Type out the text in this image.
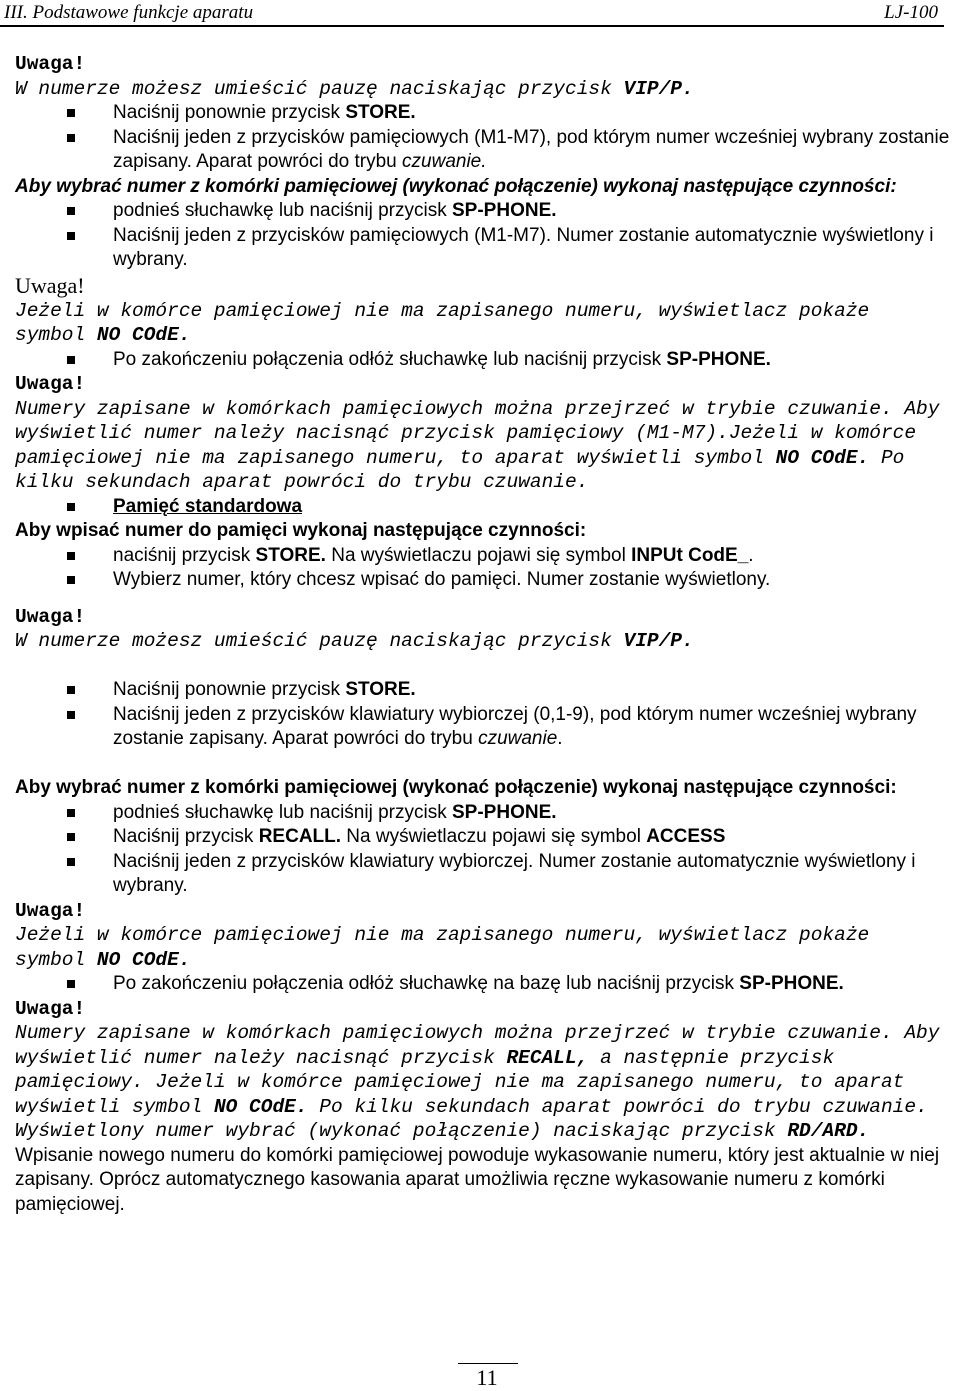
III. Podstawowe funkcje aparatu	LJ-100

Uwaga!

W numerze możesz umieścić pauzę naciskając przycisk VIP/P.

Naciśnij ponownie przycisk STORE.
Naciśnij jeden z przycisków pamięciowych (M1-M7), pod którym numer wcześniej wybrany zostanie zapisany. Aparat powróci do trybu czuwanie.

Aby wybrać numer z komórki pamięciowej (wykonać połączenie) wykonaj następujące czynności:

podnieś słuchawkę lub naciśnij przycisk SP-PHONE.
Naciśnij jeden z przycisków pamięciowych (M1-M7). Numer zostanie automatycznie wyświetlony i wybrany.

Uwaga!

Jeżeli w komórce pamięciowej nie ma zapisanego numeru, wyświetlacz pokaże symbol NO COdE.

Po zakończeniu połączenia odłóż słuchawkę lub naciśnij przycisk SP-PHONE.

Uwaga!

Numery zapisane w komórkach pamięciowych można przejrzeć w trybie czuwanie. Aby wyświetlić numer należy nacisnąć przycisk pamięciowy (M1-M7).Jeżeli w komórce pamięciowej nie ma zapisanego numeru, to aparat wyświetli symbol NO COdE. Po kilku sekundach aparat powróci do trybu czuwanie.

Pamięć standardowa

Aby wpisać numer do pamięci wykonaj następujące czynności:

naciśnij przycisk STORE. Na wyświetlaczu pojawi się symbol INPUt CodE_.
Wybierz numer, który chcesz wpisać do pamięci. Numer zostanie wyświetlony.

Uwaga!

W numerze możesz umieścić pauzę naciskając przycisk VIP/P.

Naciśnij ponownie przycisk STORE.
Naciśnij jeden z przycisków klawiatury wybiorczej (0,1-9), pod którym numer wcześniej wybrany zostanie zapisany. Aparat powróci do trybu czuwanie.

Aby wybrać numer z komórki pamięciowej (wykonać połączenie) wykonaj następujące czynności:

podnieś słuchawkę lub naciśnij przycisk SP-PHONE.
Naciśnij przycisk RECALL. Na wyświetlaczu pojawi się symbol ACCESS
Naciśnij jeden z przycisków klawiatury wybiorczej. Numer zostanie automatycznie wyświetlony i wybrany.

Uwaga!

Jeżeli w komórce pamięciowej nie ma zapisanego numeru, wyświetlacz pokaże symbol NO COdE.

Po zakończeniu połączenia odłóż słuchawkę na bazę lub naciśnij przycisk SP-PHONE.

Uwaga!

Numery zapisane w komórkach pamięciowych można przejrzeć w trybie czuwanie. Aby wyświetlić numer należy nacisnąć przycisk RECALL, a następnie przycisk pamięciowy. Jeżeli w komórce pamięciowej nie ma zapisanego numeru, to aparat wyświetli symbol NO COdE. Po kilku sekundach aparat powróci do trybu czuwanie. Wyświetlony numer wybrać (wykonać połączenie) naciskając przycisk RD/ARD.

Wpisanie nowego numeru do komórki pamięciowej powoduje wykasowanie numeru, który jest aktualnie w niej zapisany. Oprócz automatycznego kasowania aparat umożliwia ręczne wykasowanie numeru z komórki pamięciowej.

11
